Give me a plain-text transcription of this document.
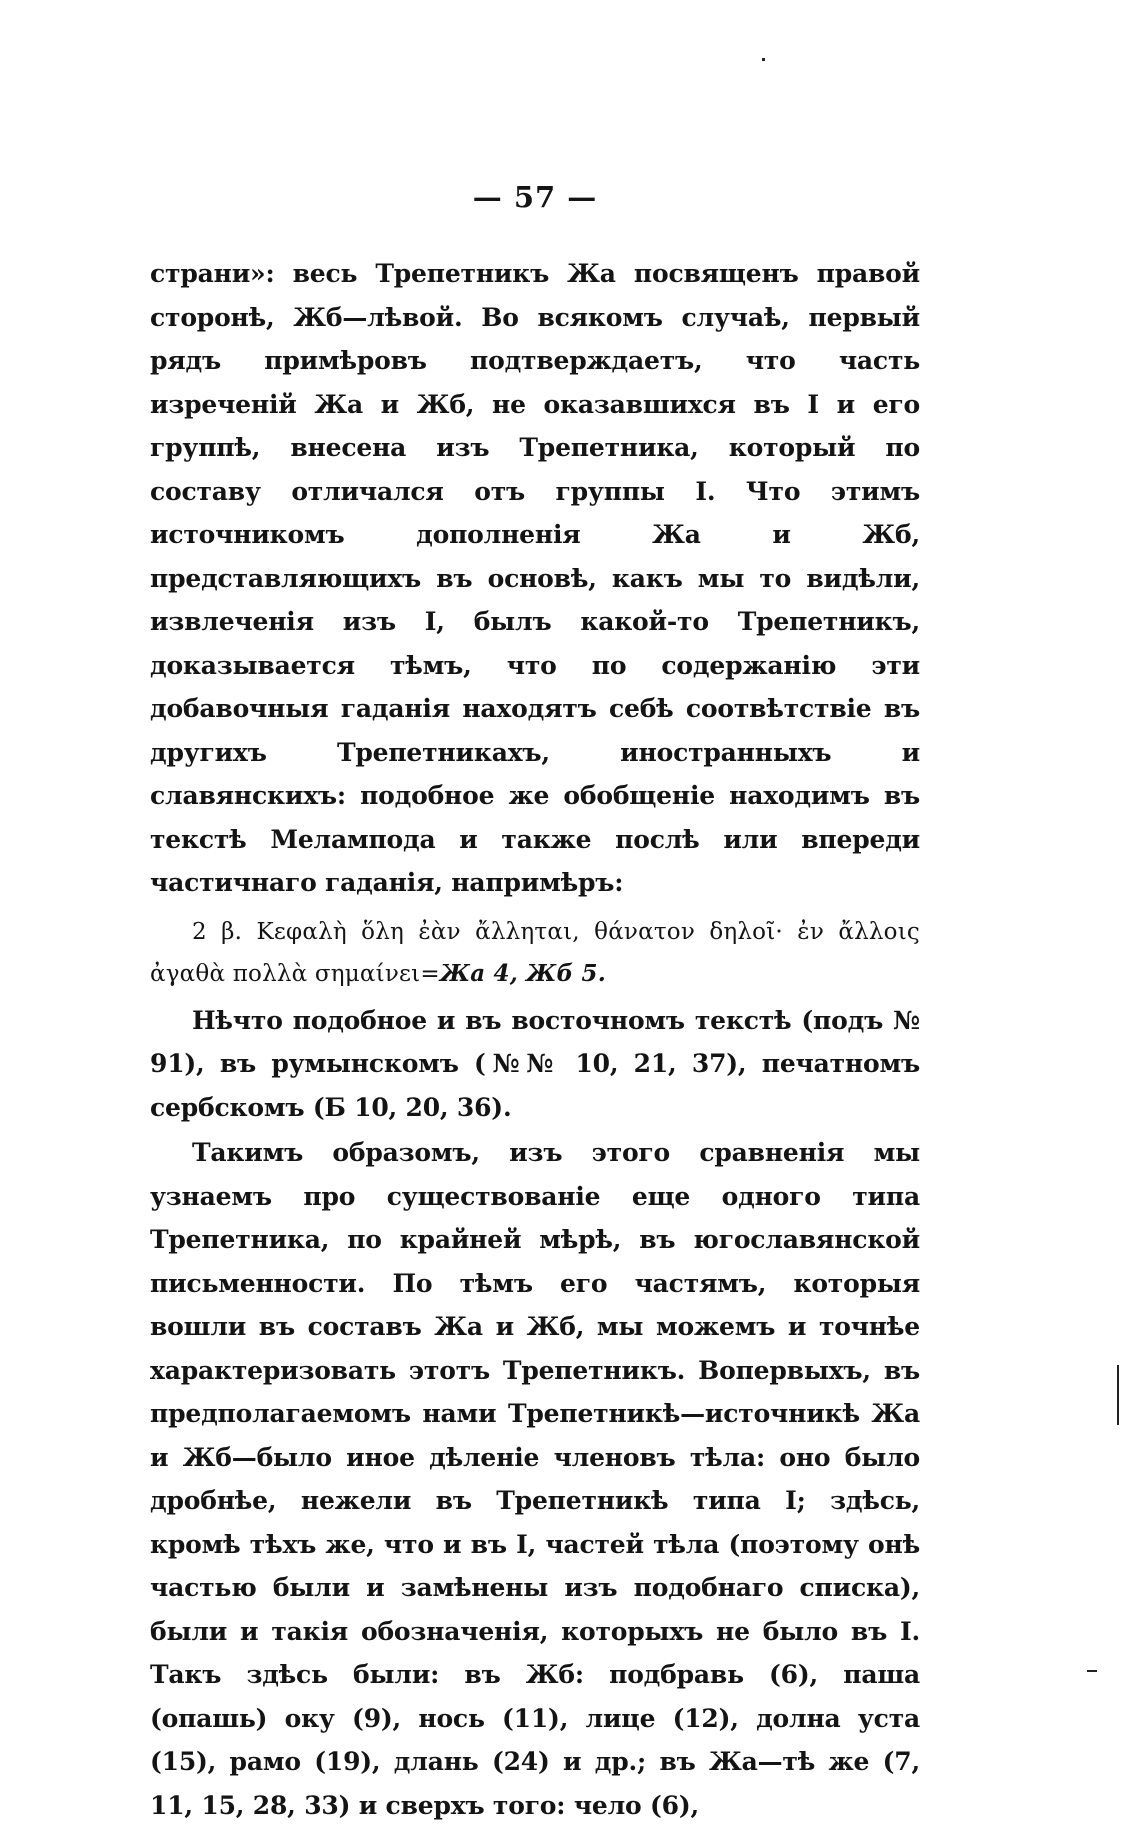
— 57 —

страни»: весь Трепетникъ Жа посвященъ правой сторонѣ, Жб—лѣвой. Во всякомъ случаѣ, первый рядъ примѣровъ подтверждаетъ, что часть изреченій Жа и Жб, не оказавшихся въ I и его группѣ, внесена изъ Трепетника, который по составу отличался отъ группы I. Что этимъ источникомъ дополненія Жа и Жб, представляющихъ въ основѣ, какъ мы то видѣли, извлеченія изъ I, былъ какой-то Трепетникъ, доказывается тѣмъ, что по содержанію эти добавочныя гаданія находятъ себѣ соотвѣтствіе въ другихъ Трепетникахъ, иностранныхъ и славянскихъ: подобное же обобщеніе находимъ въ текстѣ Меламподa и также послѣ или впереди частичнаго гаданія, напримѣръ:

2 β. Κεφαλὴ ὅλη ἐὰν ἄλληται, θάνατον δηλοῖ· ἐν ἄλλοις ἀγαθὰ πολλὰ σημαίνει=Жа 4, Жб 5.

Нѣчто подобное и въ восточномъ текстѣ (подъ № 91), въ румынскомъ (№№ 10, 21, 37), печатномъ сербскомъ (Б 10, 20, 36).

Такимъ образомъ, изъ этого сравненія мы узнаемъ про существованіе еще одного типа Трепетника, по крайней мѣрѣ, въ югославянской письменности. По тѣмъ его частямъ, которыя вошли въ составъ Жа и Жб, мы можемъ и точнѣе характеризовать этотъ Трепетникъ. Вопервыхъ, въ предполагаемомъ нами Трепетникѣ—источникѣ Жа и Жб—было иное дѣленіе членовъ тѣла: оно было дробнѣе, нежели въ Трепетникѣ типа I; здѣсь, кромѣ тѣхъ же, что и въ I, частей тѣла (поэтому онѣ частью были и замѣнены изъ подобнаго списка), были и такія обозначенія, которыхъ не было въ I. Такъ здѣсь были: въ Жб: подбравь (6), паша (опашь) оку (9), нось (11), лице (12), долна уста (15), рамо (19), длань (24) и др.; въ Жа—тѣ же (7, 11, 15, 28, 33) и сверхъ того: чело (6),
